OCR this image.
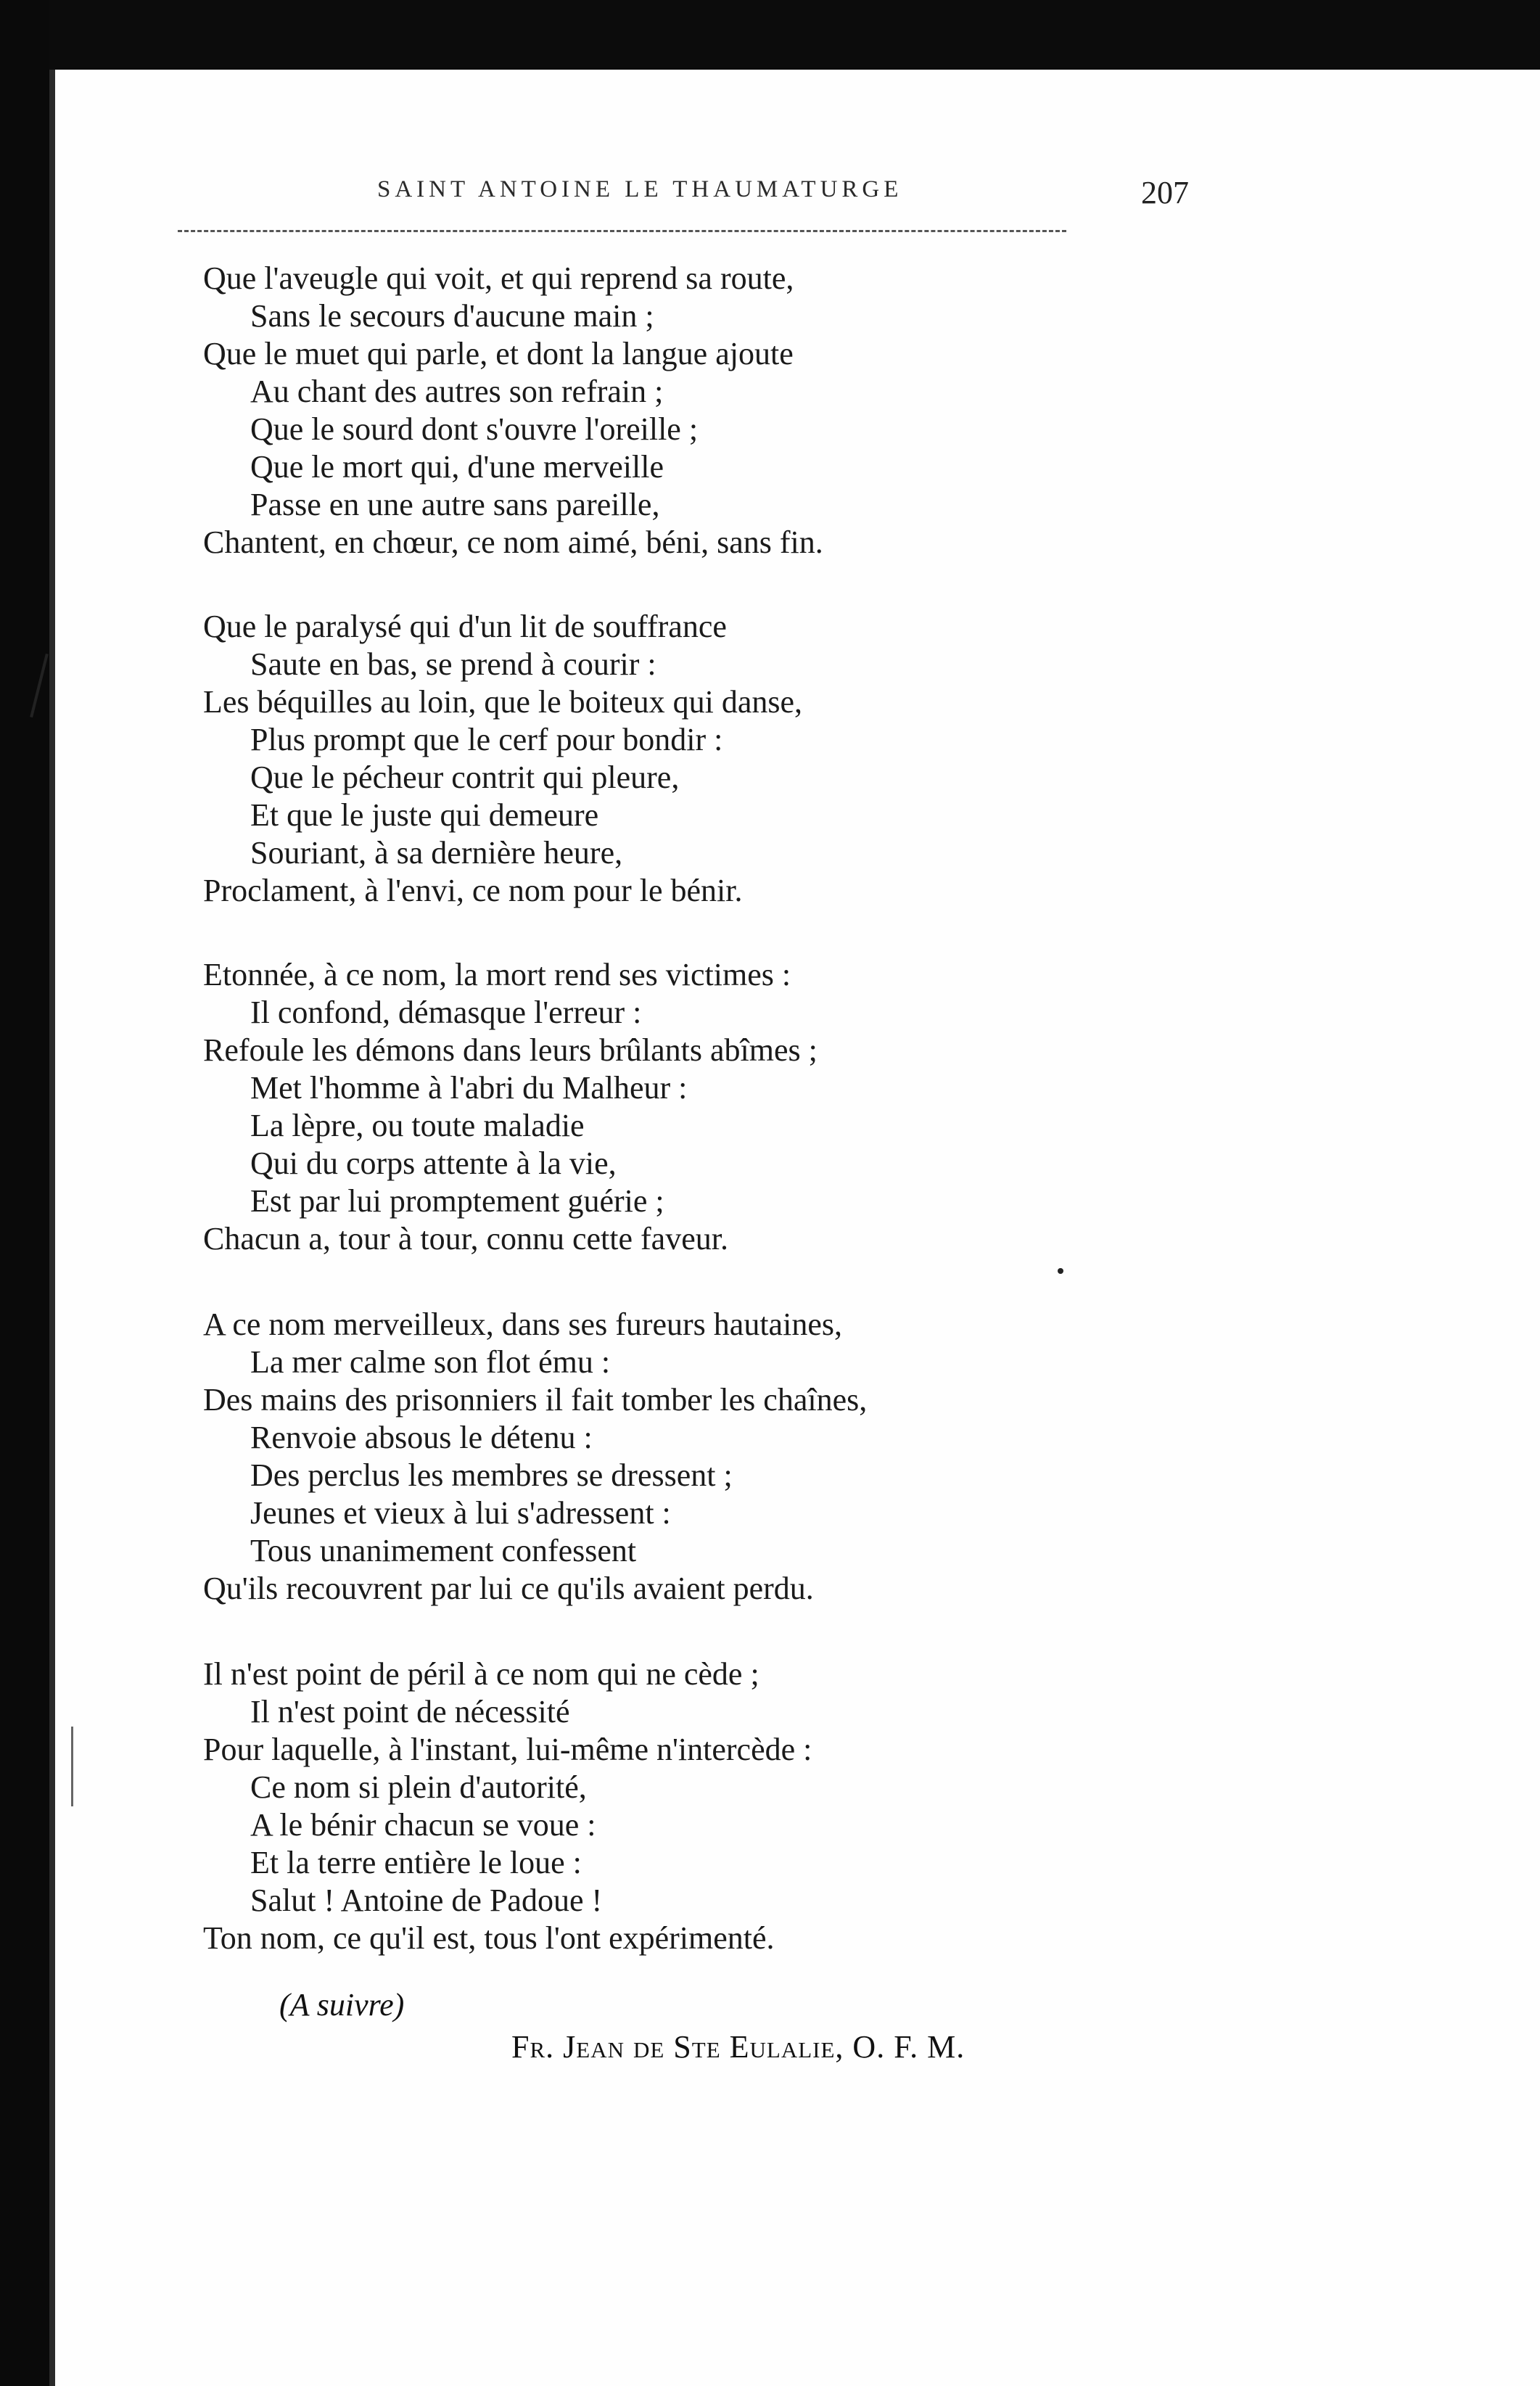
SAINT ANTOINE LE THAUMATURGE	207
Que l'aveugle qui voit, et qui reprend sa route,
Sans le secours d'aucune main ;
Que le muet qui parle, et dont la langue ajoute
Au chant des autres son refrain ;
Que le sourd dont s'ouvre l'oreille ;
Que le mort qui, d'une merveille
Passe en une autre sans pareille,
Chantent, en chœur, ce nom aimé, béni, sans fin.
Que le paralysé qui d'un lit de souffrance
Saute en bas, se prend à courir :
Les béquilles au loin, que le boiteux qui danse,
Plus prompt que le cerf pour bondir :
Que le pécheur contrit qui pleure,
Et que le juste qui demeure
Souriant, à sa dernière heure,
Proclament, à l'envi, ce nom pour le bénir.
Etonnée, à ce nom, la mort rend ses victimes :
Il confond, démasque l'erreur :
Refoule les démons dans leurs brûlants abîmes ;
Met l'homme à l'abri du Malheur :
La lèpre, ou toute maladie
Qui du corps attente à la vie,
Est par lui promptement guérie ;
Chacun a, tour à tour, connu cette faveur.
A ce nom merveilleux, dans ses fureurs hautaines,
La mer calme son flot ému :
Des mains des prisonniers il fait tomber les chaînes,
Renvoie absous le détenu :
Des perclus les membres se dressent ;
Jeunes et vieux à lui s'adressent :
Tous unanimement confessent
Qu'ils recouvrent par lui ce qu'ils avaient perdu.
Il n'est point de péril à ce nom qui ne cède ;
Il n'est point de nécessité
Pour laquelle, à l'instant, lui-même n'intercède :
Ce nom si plein d'autorité,
A le bénir chacun se voue :
Et la terre entière le loue :
Salut ! Antoine de Padoue !
Ton nom, ce qu'il est, tous l'ont expérimenté.
(A suivre)
Fr. Jean de Ste Eulalie, O. F. M.
